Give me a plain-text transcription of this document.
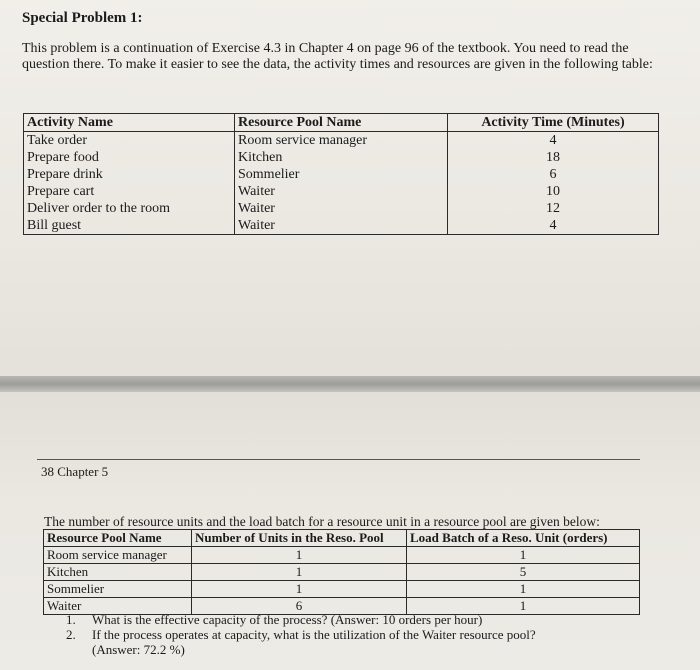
Special Problem 1:
This problem is a continuation of Exercise 4.3 in Chapter 4 on page 96 of the textbook. You need to read the question there. To make it easier to see the data, the activity times and resources are given in the following table:
Activity Name	Resource Pool Name	Activity Time (Minutes)
Take order	Room service manager	4
Prepare food	Kitchen	18
Prepare drink	Sommelier	6
Prepare cart	Waiter	10
Deliver order to the room	Waiter	12
Bill guest	Waiter	4
38 Chapter 5
The number of resource units and the load batch for a resource unit in a resource pool are given below:
Resource Pool Name	Number of Units in the Reso. Pool	Load Batch of a Reso. Unit (orders)
Room service manager	1	1
Kitchen	1	5
Sommelier	1	1
Waiter	6	1
1.	What is the effective capacity of the process? (Answer: 10 orders per hour)
2.	If the process operates at capacity, what is the utilization of the Waiter resource pool?
(Answer: 72.2 %)
